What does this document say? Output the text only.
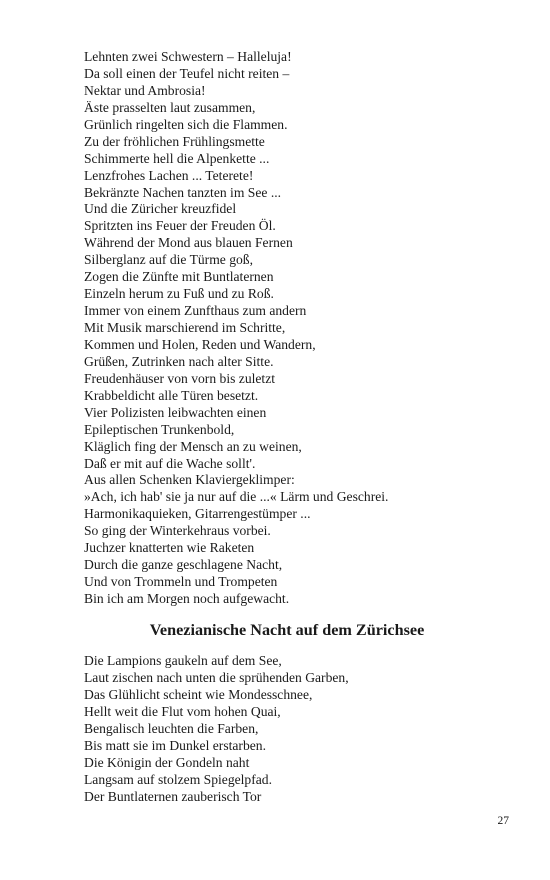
Lehnten zwei Schwestern – Halleluja!
Da soll einen der Teufel nicht reiten –
Nektar und Ambrosia!
Äste prasselten laut zusammen,
Grünlich ringelten sich die Flammen.
Zu der fröhlichen Frühlingsmette
Schimmerte hell die Alpenkette ...
Lenzfrohes Lachen ... Teterete!
Bekränzte Nachen tanzten im See ...
Und die Züricher kreuzfidel
Spritzten ins Feuer der Freuden Öl.
Während der Mond aus blauen Fernen
Silberglanz auf die Türme goß,
Zogen die Zünfte mit Buntlaternen
Einzeln herum zu Fuß und zu Roß.
Immer von einem Zunfthaus zum andern
Mit Musik marschierend im Schritte,
Kommen und Holen, Reden und Wandern,
Grüßen, Zutrinken nach alter Sitte.
Freudenhäuser von vorn bis zuletzt
Krabbeldicht alle Türen besetzt.
Vier Polizisten leibwachten einen
Epileptischen Trunkenbold,
Kläglich fing der Mensch an zu weinen,
Daß er mit auf die Wache sollt'.
Aus allen Schenken Klaviergeklimper:
»Ach, ich hab' sie ja nur auf die ...« Lärm und Geschrei.
Harmonikaquieken, Gitarrengestümper ...
So ging der Winterkehraus vorbei.
Juchzer knatterten wie Raketen
Durch die ganze geschlagene Nacht,
Und von Trommeln und Trompeten
Bin ich am Morgen noch aufgewacht.
Venezianische Nacht auf dem Zürichsee
Die Lampions gaukeln auf dem See,
Laut zischen nach unten die sprühenden Garben,
Das Glühlicht scheint wie Mondesschnee,
Hellt weit die Flut vom hohen Quai,
Bengalisch leuchten die Farben,
Bis matt sie im Dunkel erstarben.
Die Königin der Gondeln naht
Langsam auf stolzem Spiegelpfad.
Der Buntlaternen zauberisch Tor

27
